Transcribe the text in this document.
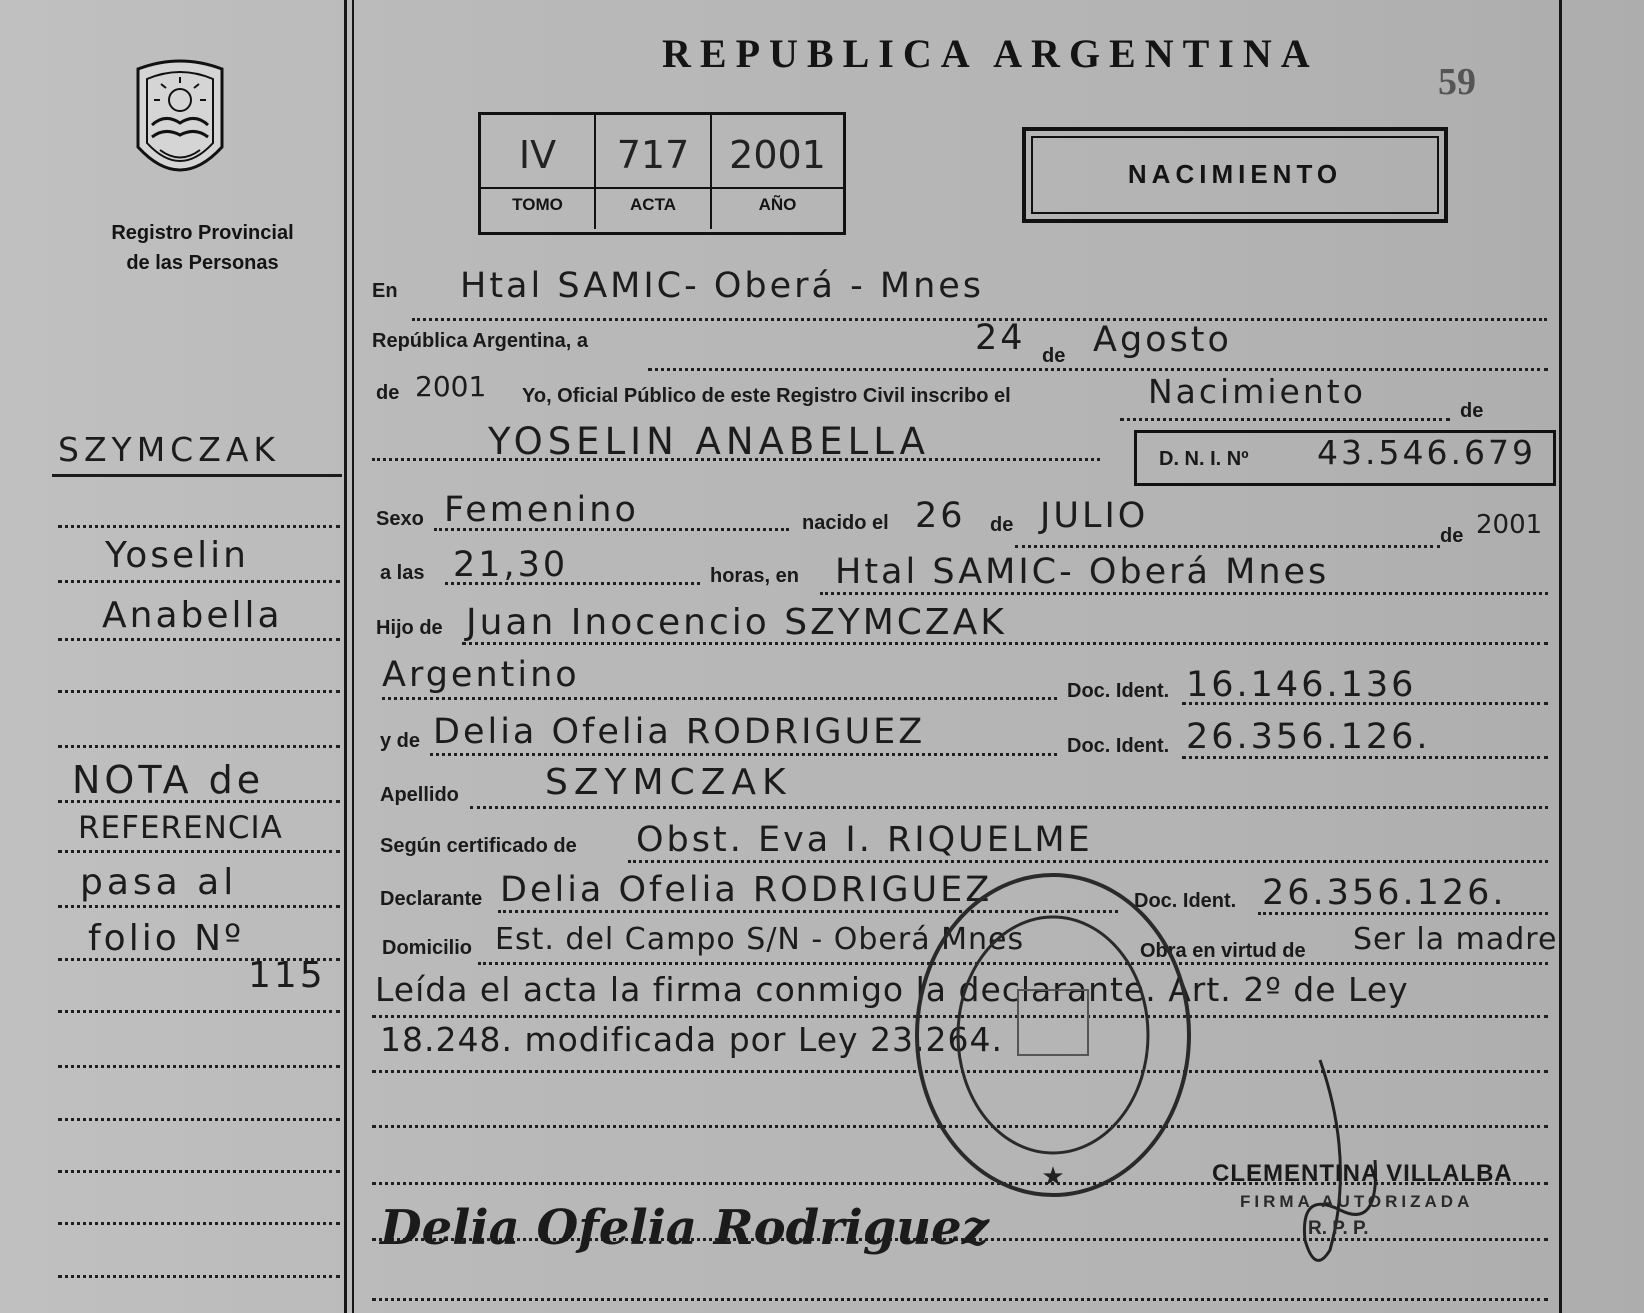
REPUBLICA ARGENTINA
59
Registro Provincial
de las Personas
IV
TOMO
717
ACTA
2001
AÑO
NACIMIENTO
SZYMCZAK
Yoselin
Anabella
NOTA de
REFERENCIA
pasa al
folio Nº
115
En Htal SAMIC- Oberá - Mnes
República Argentina, a	24 de Agosto
de 2001 Yo, Oficial Público de este Registro Civil inscribo el	Nacimiento	de
YOSELIN ANABELLA	D. N. I. Nº 43.546.679
Sexo Femenino	nacido el 26 de JULIO	de 2001
a las 21,30	horas, en Htal SAMIC- Oberá Mnes
Hijo de Juan Inocencio SZYMCZAK
Argentino	Doc. Ident. 16.146.136
y de Delia Ofelia RODRIGUEZ	Doc. Ident. 26.356.126.
Apellido SZYMCZAK
Según certificado de Obst. Eva I. RIQUELME
Declarante Delia Ofelia RODRIGUEZ	Doc. Ident. 26.356.126.
Domicilio Est. del Campo S/N - Oberá Mnes	Obra en virtud de Ser la madre
Leída el acta la firma conmigo la declarante. Art. 2º de Ley
18.248. modificada por Ley 23.264.
★
Delia Ofelia Rodriguez
CLEMENTINA VILLALBA
FIRMA AUTORIZADA
R. P. P.
